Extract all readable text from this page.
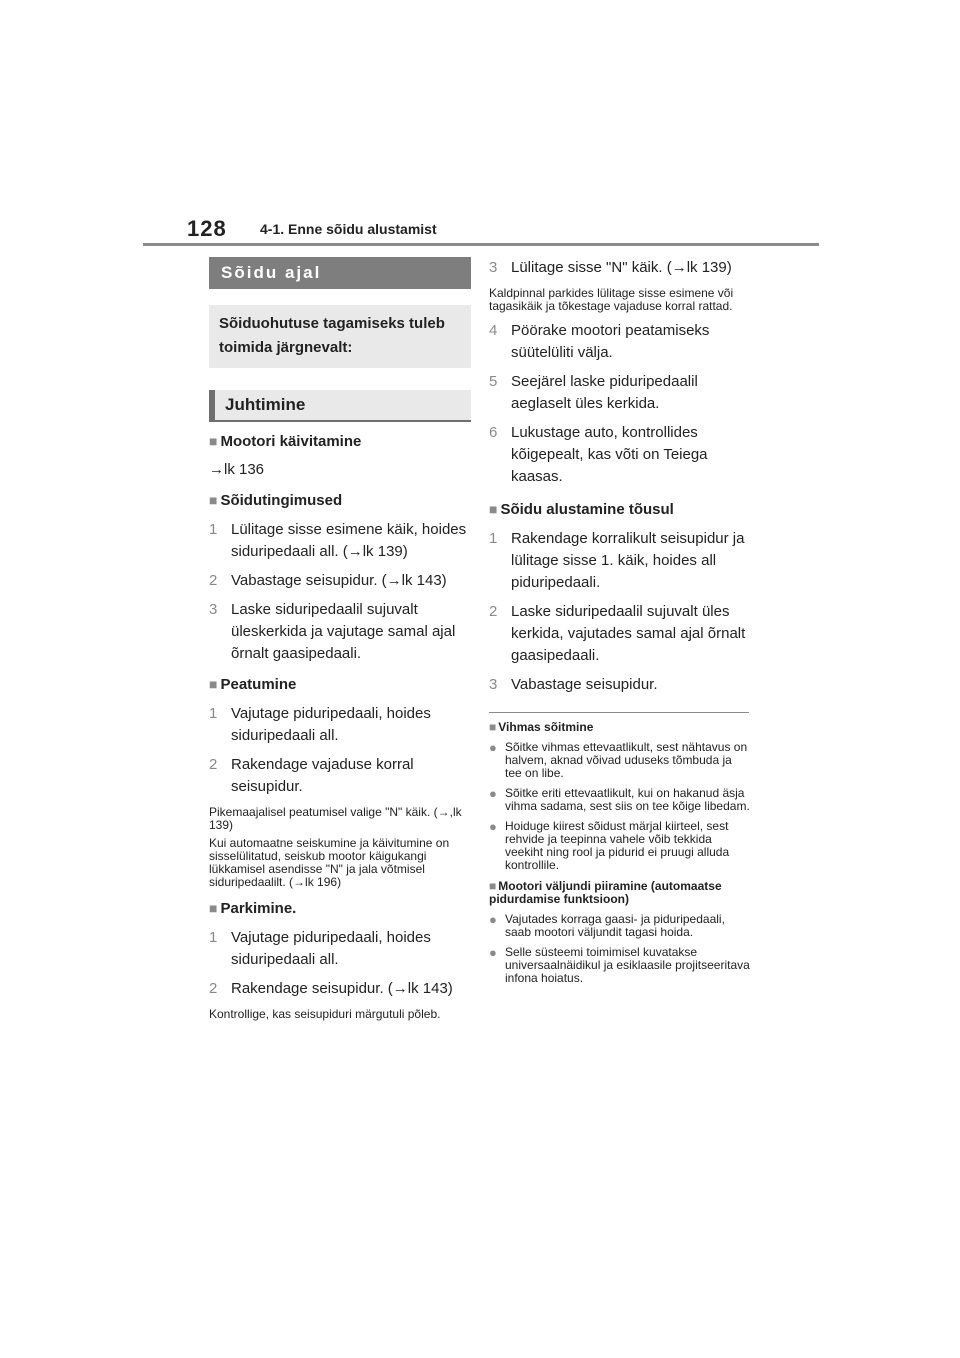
128 4-1. Enne sõidu alustamist
Sõidu ajal
Sõiduohutuse tagamiseks tuleb toimida järgnevalt:
Juhtimine
■ Mootori käivitamine
→lk 136
■ Sõidutingimused
1 Lülitage sisse esimene käik, hoides siduripedaali all. (→lk 139)
2 Vabastage seisupidur. (→lk 143)
3 Laske siduripedaalil sujuvalt üleskerkida ja vajutage samal ajal õrnalt gaasipedaali.
■ Peatumine
1 Vajutage piduripedaali, hoides siduripedaali all.
2 Rakendage vajaduse korral seisupidur.
Pikemaajalisel peatumisel valige "N" käik. (→,lk 139)
Kui automaatne seiskumine ja käivitumine on sisselülitatud, seiskub mootor käigukangi lükkamisel asendisse "N" ja jala võtmisel siduripedaalilt. (→lk 196)
■ Parkimine.
1 Vajutage piduripedaali, hoides siduripedaali all.
2 Rakendage seisupidur. (→lk 143)
Kontrollige, kas seisupiduri märgutuli põleb.
3 Lülitage sisse "N" käik. (→lk 139)
Kaldpinnal parkides lülitage sisse esimene või tagasikäik ja tõkestage vajaduse korral rattad.
4 Pöörake mootori peatamiseks süütelüliti välja.
5 Seejärel laske piduripedaalil aeglaselt üles kerkida.
6 Lukustage auto, kontrollides kõigepealt, kas võti on Teiega kaasas.
■ Sõidu alustamine tõusul
1 Rakendage korralikult seisupidur ja lülitage sisse 1. käik, hoides all piduripedaali.
2 Laske siduripedaalil sujuvalt üles kerkida, vajutades samal ajal õrnalt gaasipedaali.
3 Vabastage seisupidur.
■ Vihmas sõitmine
● Sõitke vihmas ettevaatlikult, sest nähtavus on halvem, aknad võivad uduseks tõmbuda ja tee on libe.
● Sõitke eriti ettevaatlikult, kui on hakanud äsja vihma sadama, sest siis on tee kõige libedam.
● Hoiduge kiirest sõidust märjal kiirteel, sest rehvide ja teepinna vahele võib tekkida veekiht ning rool ja pidurid ei pruugi alluda kontrollile.
■ Mootori väljundi piiramine (automaatse pidurdamise funktsioon)
● Vajutades korraga gaasi- ja piduripedaali, saab mootori väljundit tagasi hoida.
● Selle süsteemi toimimisel kuvatakse universaalnäidikul ja esiklaasile projitseeritava infona hoiatus.
